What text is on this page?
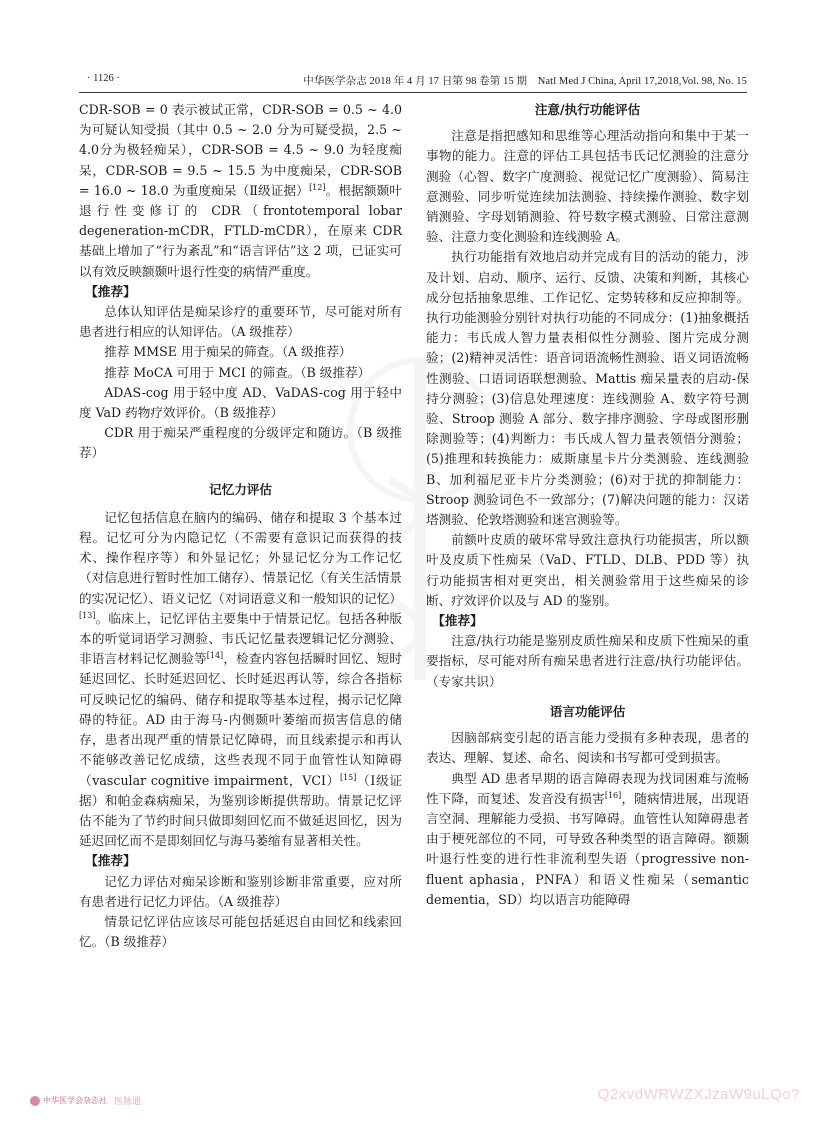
· 1126 ·	中华医学杂志 2018 年 4 月 17 日第 98 卷第 15 期　Natl Med J China, April 17,2018,Vol. 98, No. 15

CDR-SOB = 0 表示被试正常，CDR-SOB = 0.5 ~ 4.0 为可疑认知受损（其中 0.5 ~ 2.0 分为可疑受损，2.5 ~ 4.0分为极轻痴呆），CDR-SOB = 4.5 ~ 9.0 为轻度痴呆，CDR-SOB = 9.5 ~ 15.5 为中度痴呆，CDR-SOB = 16.0 ~ 18.0 为重度痴呆（Ⅱ级证据）[12]。根据额颞叶退行性变修订的 CDR（frontotemporal lobar degeneration-mCDR，FTLD-mCDR），在原来 CDR 基础上增加了“行为紊乱”和“语言评估”这 2 项，已证实可以有效反映额颞叶退行性变的病情严重度。

【推荐】

总体认知评估是痴呆诊疗的重要环节，尽可能对所有患者进行相应的认知评估。（A 级推荐）

推荐 MMSE 用于痴呆的筛查。（A 级推荐）

推荐 MoCA 可用于 MCI 的筛查。（B 级推荐）

ADAS-cog 用于轻中度 AD、VaDAS-cog 用于轻中度 VaD 药物疗效评价。（B 级推荐）

CDR 用于痴呆严重程度的分级评定和随访。（B 级推荐）

记忆力评估

记忆包括信息在脑内的编码、储存和提取 3 个基本过程。记忆可分为内隐记忆（不需要有意识记而获得的技术、操作程序等）和外显记忆；外显记忆分为工作记忆（对信息进行暂时性加工储存）、情景记忆（有关生活情景的实况记忆）、语义记忆（对词语意义和一般知识的记忆）[13]。临床上，记忆评估主要集中于情景记忆。包括各种版本的听觉词语学习测验、韦氏记忆量表逻辑记忆分测验、非语言材料记忆测验等[14]，检查内容包括瞬时回忆、短时延迟回忆、长时延迟回忆、长时延迟再认等，综合各指标可反映记忆的编码、储存和提取等基本过程，揭示记忆障碍的特征。AD 由于海马-内侧颞叶萎缩而损害信息的储存，患者出现严重的情景记忆障碍，而且线索提示和再认不能够改善记忆成绩，这些表现不同于血管性认知障碍（vascular cognitive impairment，VCI）[15]（Ⅰ级证据）和帕金森病痴呆，为鉴别诊断提供帮助。情景记忆评估不能为了节约时间只做即刻回忆而不做延迟回忆，因为延迟回忆而不是即刻回忆与海马萎缩有显著相关性。

【推荐】

记忆力评估对痴呆诊断和鉴别诊断非常重要，应对所有患者进行记忆力评估。（A 级推荐）

情景记忆评估应该尽可能包括延迟自由回忆和线索回忆。（B 级推荐）

注意/执行功能评估

注意是指把感知和思维等心理活动指向和集中于某一事物的能力。注意的评估工具包括韦氏记忆测验的注意分测验（心智、数字广度测验、视觉记忆广度测验）、简易注意测验、同步听觉连续加法测验、持续操作测验、数字划销测验、字母划销测验、符号数字模式测验、日常注意测验、注意力变化测验和连线测验 A。

执行功能指有效地启动并完成有目的活动的能力，涉及计划、启动、顺序、运行、反馈、决策和判断，其核心成分包括抽象思维、工作记忆、定势转移和反应抑制等。执行功能测验分别针对执行功能的不同成分：(1)抽象概括能力：韦氏成人智力量表相似性分测验、图片完成分测验；(2)精神灵活性：语音词语流畅性测验、语义词语流畅性测验、口语词语联想测验、Mattis 痴呆量表的启动-保持分测验；(3)信息处理速度：连线测验 A、数字符号测验、Stroop 测验 A 部分、数字排序测验、字母或图形删除测验等；(4)判断力：韦氏成人智力量表领悟分测验；(5)推理和转换能力：威斯康星卡片分类测验、连线测验 B、加利福尼亚卡片分类测验；(6)对于扰的抑制能力：Stroop 测验词色不一致部分；(7)解决问题的能力：汉诺塔测验、伦敦塔测验和迷宫测验等。

前额叶皮质的破坏常导致注意执行功能损害，所以额叶及皮质下性痴呆（VaD、FTLD、DLB、PDD 等）执行功能损害相对更突出，相关测验常用于这些痴呆的诊断、疗效评价以及与 AD 的鉴别。

【推荐】

注意/执行功能是鉴别皮质性痴呆和皮质下性痴呆的重要指标，尽可能对所有痴呆患者进行注意/执行功能评估。（专家共识）

语言功能评估

因脑部病变引起的语言能力受损有多种表现，患者的表达、理解、复述、命名、阅读和书写都可受到损害。

典型 AD 患者早期的语言障碍表现为找词困难与流畅性下降，而复述、发音没有损害[16]，随病情进展，出现语言空洞、理解能力受损、书写障碍。血管性认知障碍患者由于梗死部位的不同，可导致各种类型的语言障碍。额颞叶退行性变的进行性非流利型失语（progressive non-fluent aphasia，PNFA）和语义性痴呆（semantic dementia，SD）均以语言功能障碍

中华医学会杂志社 医脉通	Q2xvdWRWZXJzaW9uLQo?
